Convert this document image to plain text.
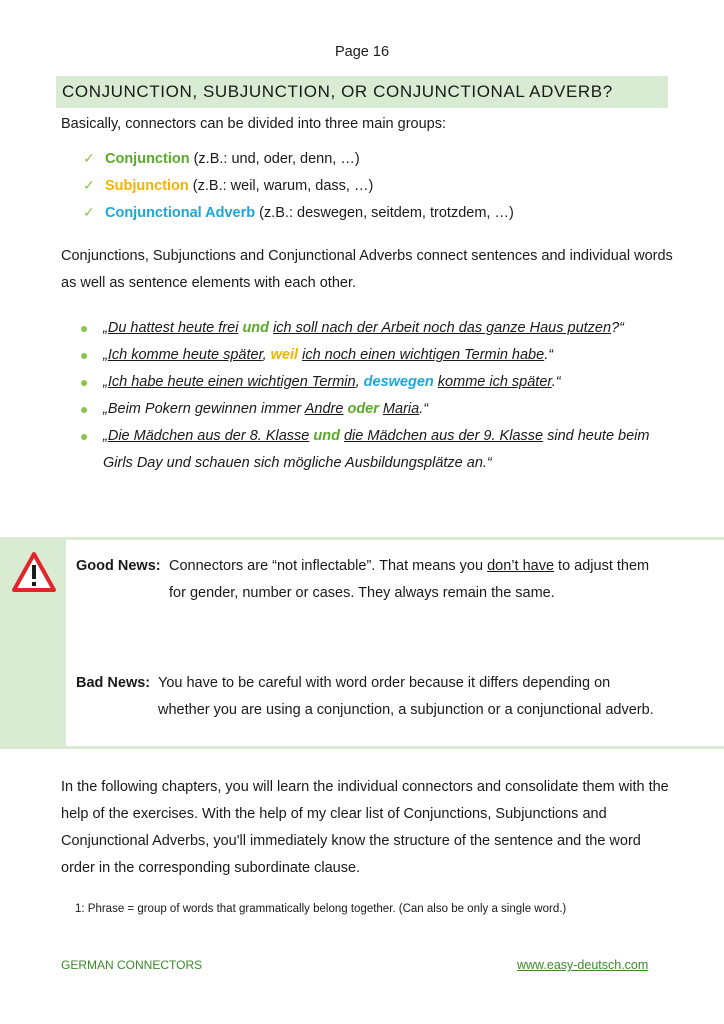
Page 16
CONJUNCTION, SUBJUNCTION, OR CONJUNCTIONAL ADVERB?
Basically, connectors can be divided into three main groups:
✓ Conjunction (z.B.: und, oder, denn, …)
✓ Subjunction (z.B.: weil, warum, dass, …)
✓ Conjunctional Adverb (z.B.: deswegen, seitdem, trotzdem, …)
Conjunctions, Subjunctions and Conjunctional Adverbs connect sentences and individual words as well as sentence elements with each other.
● „Du hattest heute frei und ich soll nach der Arbeit noch das ganze Haus putzen?“
● „Ich komme heute später, weil ich noch einen wichtigen Termin habe.“
● „Ich habe heute einen wichtigen Termin, deswegen komme ich später.“
● „Beim Pokern gewinnen immer Andre oder Maria.“
● „Die Mädchen aus der 8. Klasse und die Mädchen aus der 9. Klasse sind heute beim Girls Day und schauen sich mögliche Ausbildungsplätze an.“
Good News: Connectors are “not inflectable”. That means you don’t have to adjust them for gender, number or cases. They always remain the same.
Bad News: You have to be careful with word order because it differs depending on whether you are using a conjunction, a subjunction or a conjunctional adverb.
In the following chapters, you will learn the individual connectors and consolidate them with the help of the exercises. With the help of my clear list of Conjunctions, Subjunctions and Conjunctional Adverbs, you'll immediately know the structure of the sentence and the word order in the corresponding subordinate clause.
1: Phrase = group of words that grammatically belong together. (Can also be only a single word.)
GERMAN CONNECTORS	www.easy-deutsch.com
